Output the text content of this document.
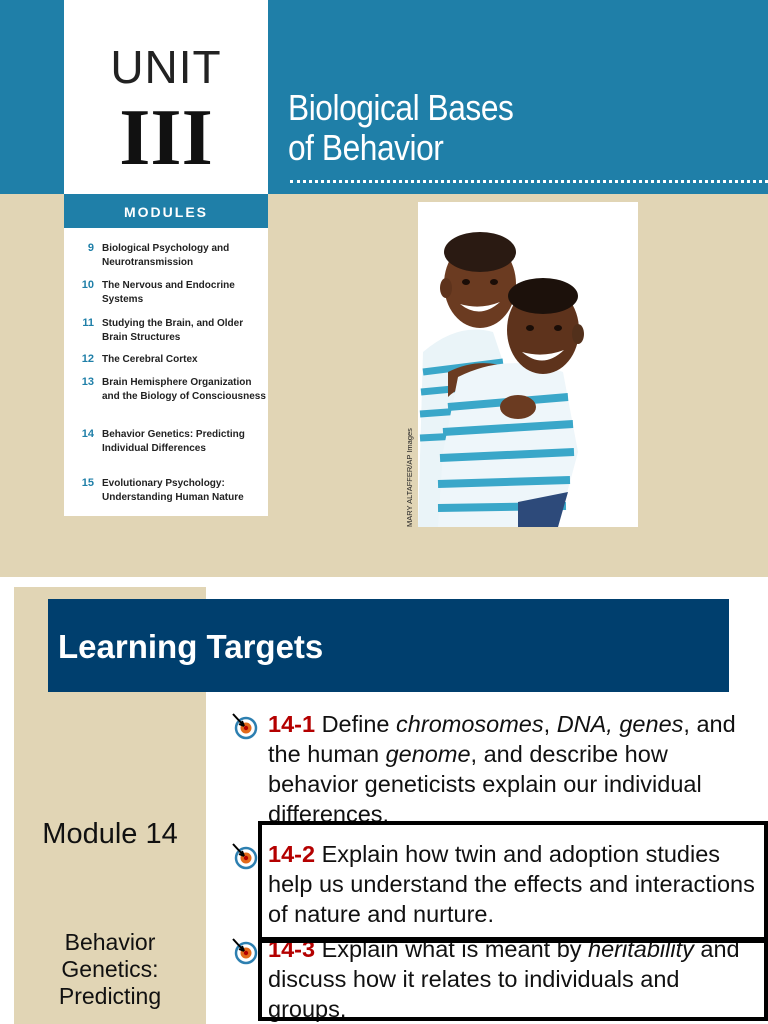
Biological Bases
of Behavior
UNIT
III
MODULES
9 Biological Psychology and Neurotransmission
10 The Nervous and Endocrine Systems
11 Studying the Brain, and Older Brain Structures
12 The Cerebral Cortex
13 Brain Hemisphere Organization and the Biology of Consciousness
14 Behavior Genetics: Predicting Individual Differences
15 Evolutionary Psychology: Understanding Human Nature	MARY ALTAFFER/AP Images
Learning Targets
Module 14
Behavior Genetics: Predicting
14-1 Define chromosomes, DNA, genes, and the human genome, and describe how behavior geneticists explain our individual differences.
14-2 Explain how twin and adoption studies help us understand the effects and interactions of nature and nurture.
14-3 Explain what is meant by heritability and discuss how it relates to individuals and groups.
